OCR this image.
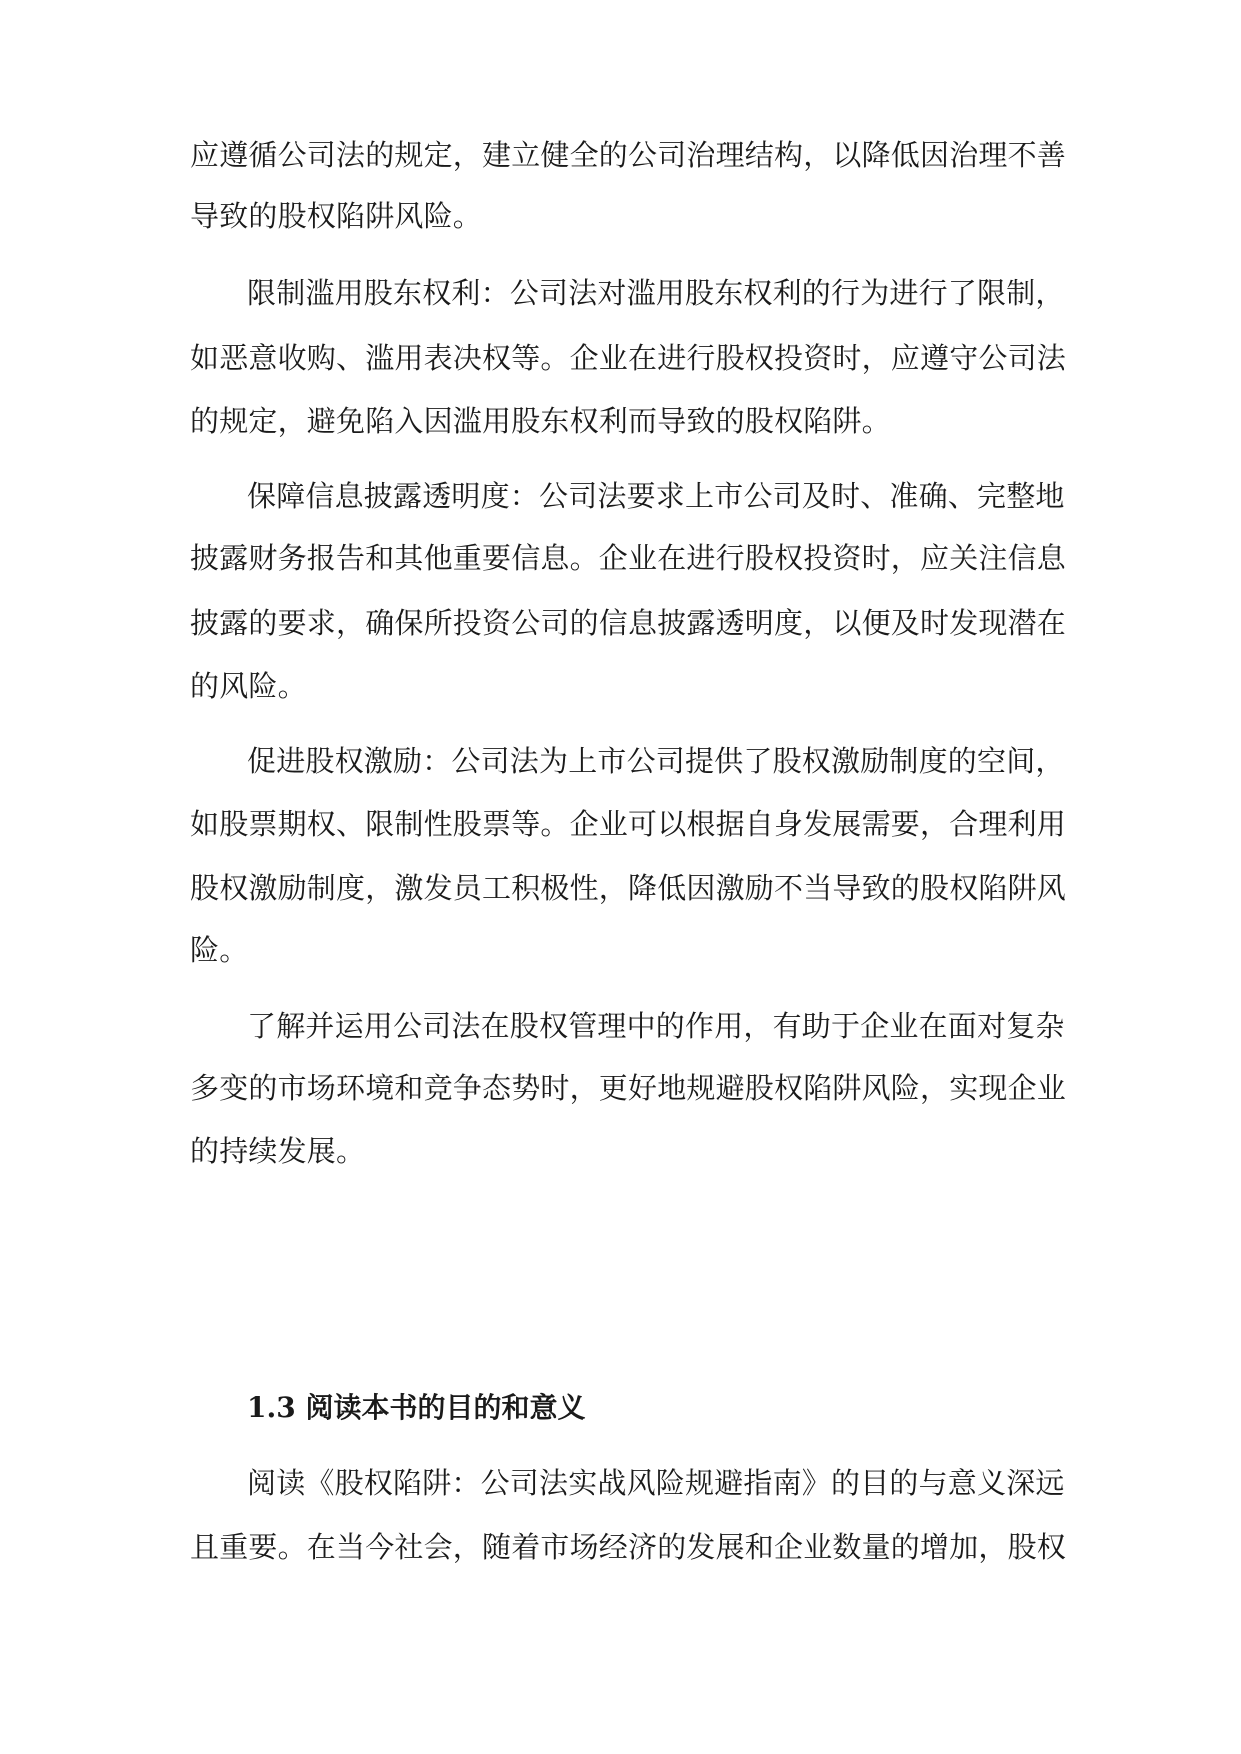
应遵循公司法的规定，建立健全的公司治理结构，以降低因治理不善
导致的股权陷阱风险。
限制滥用股东权利：公司法对滥用股东权利的行为进行了限制，
如恶意收购、滥用表决权等。企业在进行股权投资时，应遵守公司法
的规定，避免陷入因滥用股东权利而导致的股权陷阱。
保障信息披露透明度：公司法要求上市公司及时、准确、完整地
披露财务报告和其他重要信息。企业在进行股权投资时，应关注信息
披露的要求，确保所投资公司的信息披露透明度，以便及时发现潜在
的风险。
促进股权激励：公司法为上市公司提供了股权激励制度的空间，
如股票期权、限制性股票等。企业可以根据自身发展需要，合理利用
股权激励制度，激发员工积极性，降低因激励不当导致的股权陷阱风
险。
了解并运用公司法在股权管理中的作用，有助于企业在面对复杂
多变的市场环境和竞争态势时，更好地规避股权陷阱风险，实现企业
的持续发展。
1.3 阅读本书的目的和意义
阅读《股权陷阱：公司法实战风险规避指南》的目的与意义深远
且重要。在当今社会，随着市场经济的发展和企业数量的增加，股权
